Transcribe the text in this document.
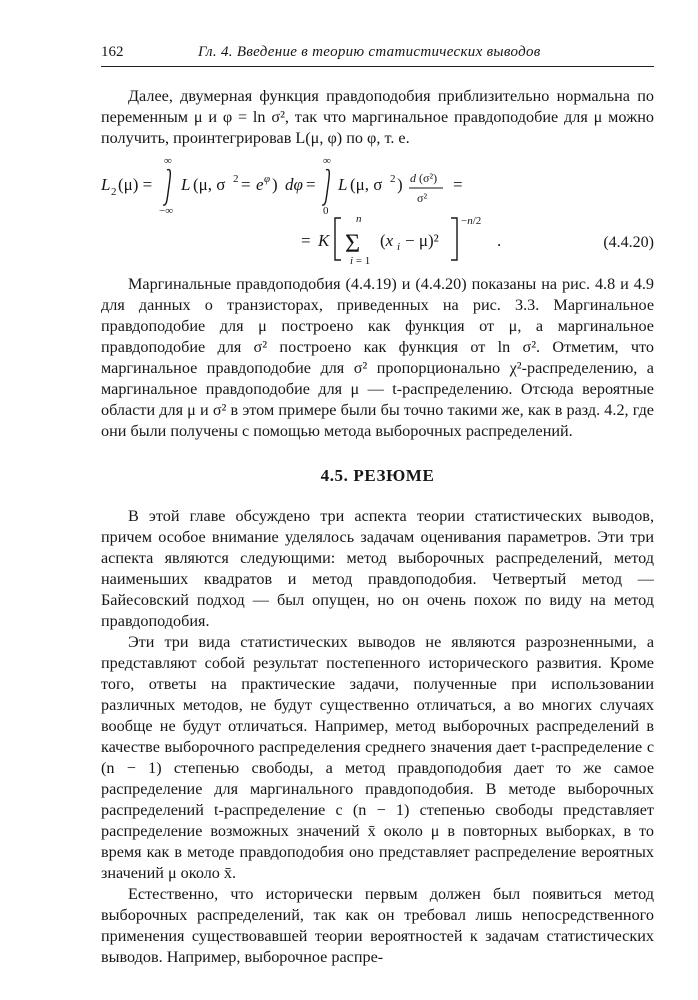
162	Гл. 4. Введение в теорию статистических выводов

Далее, двумерная функция правдоподобия приблизительно нормальна по переменным μ и φ = ln σ², так что маргинальное правдоподобие для μ можно получить, проинтегрировав L(μ, φ) по φ, т. е.

L 2 (μ) =
∞
−∞
L (μ, σ 2 = e φ ) dφ =
∞
0
L (μ, σ 2 ) d (σ²)
σ²
=
= K
n
Σ
i = 1
(x i − μ)²
−n/2
.	(4.4.20)

Маргинальные правдоподобия (4.4.19) и (4.4.20) показаны на рис. 4.8 и 4.9 для данных о транзисторах, приведенных на рис. 3.3. Маргинальное правдоподобие для μ построено как функция от μ, а маргинальное правдоподобие для σ² построено как функция от ln σ². Отметим, что маргинальное правдоподобие для σ² пропорционально χ²-распределению, а маргинальное правдоподобие для μ — t-распределению. Отсюда вероятные области для μ и σ² в этом примере были бы точно такими же, как в разд. 4.2, где они были получены с помощью метода выборочных распределений.

4.5. РЕЗЮМЕ

В этой главе обсуждено три аспекта теории статистических выводов, причем особое внимание уделялось задачам оценивания параметров. Эти три аспекта являются следующими: метод выборочных распределений, метод наименьших квадратов и метод правдоподобия. Четвертый метод — Байесовский подход — был опущен, но он очень похож по виду на метод правдоподобия.

Эти три вида статистических выводов не являются разрозненными, а представляют собой результат постепенного исторического развития. Кроме того, ответы на практические задачи, полученные при использовании различных методов, не будут существенно отличаться, а во многих случаях вообще не будут отличаться. Например, метод выборочных распределений в качестве выборочного распределения среднего значения дает t-распределение с (n − 1) степенью свободы, а метод правдоподобия дает то же самое распределение для маргинального правдоподобия. В методе выборочных распределений t-распределение с (n − 1) степенью свободы представляет распределение возможных значений x̄ около μ в повторных выборках, в то время как в методе правдоподобия оно представляет распределение вероятных значений μ около x̄.

Естественно, что исторически первым должен был появиться метод выборочных распределений, так как он требовал лишь непосредственного применения существовавшей теории вероятностей к задачам статистических выводов. Например, выборочное распре-
